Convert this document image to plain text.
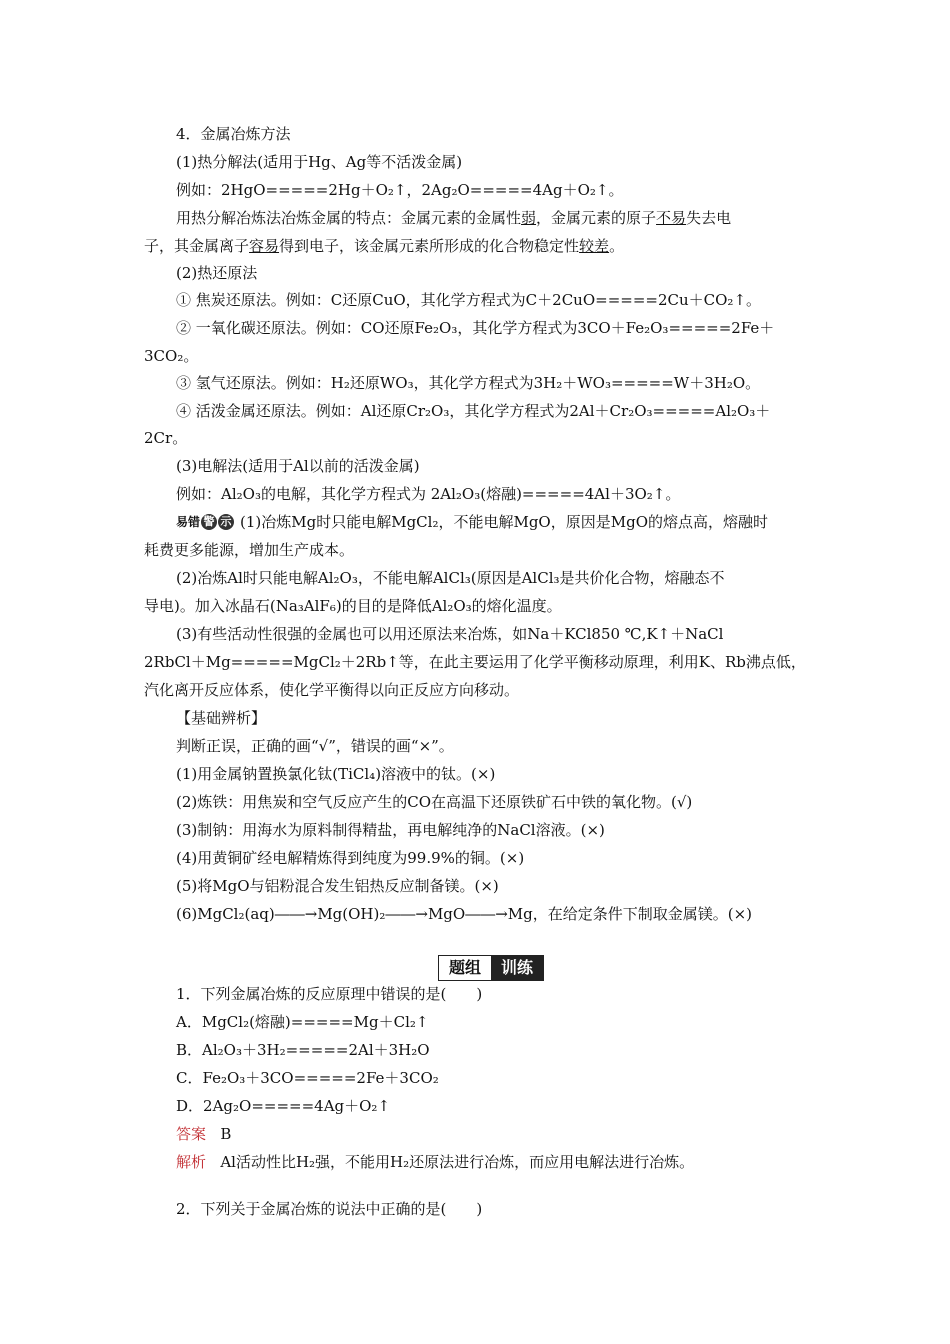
4．金属冶炼方法
(1)热分解法(适用于Hg、Ag等不活泼金属)
例如：2HgO=====2Hg＋O₂↑，2Ag₂O=====4Ag＋O₂↑。
用热分解冶炼法冶炼金属的特点：金属元素的金属性弱，金属元素的原子不易失去电
子，其金属离子容易得到电子，该金属元素所形成的化合物稳定性较差。
(2)热还原法
① 焦炭还原法。例如：C还原CuO，其化学方程式为C＋2CuO=====2Cu＋CO₂↑。
② 一氧化碳还原法。例如：CO还原Fe₂O₃，其化学方程式为3CO＋Fe₂O₃=====2Fe＋
3CO₂。
③ 氢气还原法。例如：H₂还原WO₃，其化学方程式为3H₂＋WO₃=====W＋3H₂O。
④ 活泼金属还原法。例如：Al还原Cr₂O₃，其化学方程式为2Al＋Cr₂O₃=====Al₂O₃＋
2Cr。
(3)电解法(适用于Al以前的活泼金属)
例如：Al₂O₃的电解，其化学方程式为 2Al₂O₃(熔融)=====4Al＋3O₂↑。
易错 警 示 (1)冶炼Mg时只能电解MgCl₂，不能电解MgO，原因是MgO的熔点高，熔融时
耗费更多能源，增加生产成本。
(2)冶炼Al时只能电解Al₂O₃，不能电解AlCl₃(原因是AlCl₃是共价化合物，熔融态不
导电)。加入冰晶石(Na₃AlF₆)的目的是降低Al₂O₃的熔化温度。
(3)有些活动性很强的金属也可以用还原法来冶炼，如Na＋KCl850 ℃,K↑＋NaCl
2RbCl＋Mg=====MgCl₂＋2Rb↑等，在此主要运用了化学平衡移动原理，利用K、Rb沸点低，
汽化离开反应体系，使化学平衡得以向正反应方向移动。
【基础辨析】
判断正误，正确的画“√”，错误的画“×”。
(1)用金属钠置换氯化钛(TiCl₄)溶液中的钛。(×)
(2)炼铁：用焦炭和空气反应产生的CO在高温下还原铁矿石中铁的氧化物。(√)
(3)制钠：用海水为原料制得精盐，再电解纯净的NaCl溶液。(×)
(4)用黄铜矿经电解精炼得到纯度为99.9%的铜。(×)
(5)将MgO与铝粉混合发生铝热反应制备镁。(×)
(6)MgCl₂(aq)――→Mg(OH)₂――→MgO――→Mg，在给定条件下制取金属镁。(×)
题组	训练
1．下列金属冶炼的反应原理中错误的是(　　)
A．MgCl₂(熔融)=====Mg＋Cl₂↑
B．Al₂O₃＋3H₂=====2Al＋3H₂O
C．Fe₂O₃＋3CO=====2Fe＋3CO₂
D．2Ag₂O=====4Ag＋O₂↑
答案 B
解析 Al活动性比H₂强，不能用H₂还原法进行冶炼，而应用电解法进行冶炼。
2．下列关于金属冶炼的说法中正确的是(　　)
